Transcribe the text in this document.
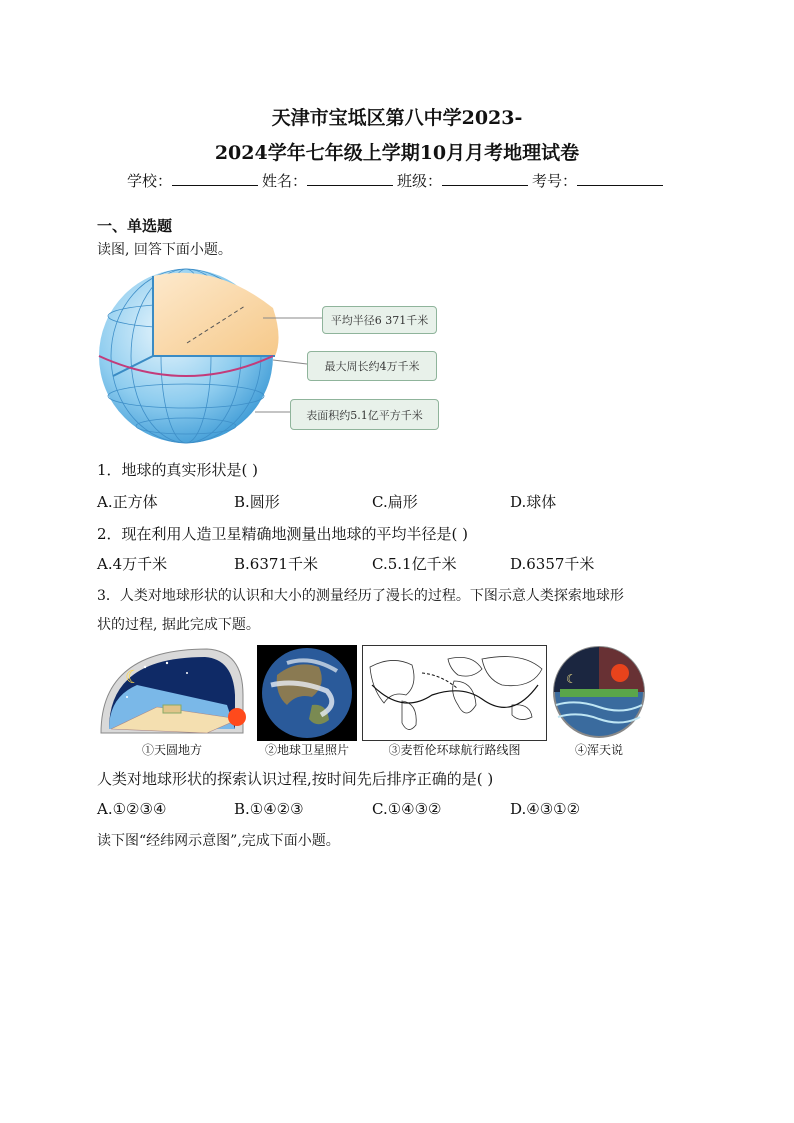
天津市宝坻区第八中学2023-
2024学年七年级上学期10月月考地理试卷
学校：	姓名：	班级：	考号：
一、单选题
读图, 回答下面小题。
平均半径6 371千米
最大周长约4万千米
表面积约5.1亿平方千米
1．地球的真实形状是( )
A.正方体	B.圆形	C.扁形	D.球体
2．现在利用人造卫星精确地测量出地球的平均半径是( )
A.4万千米	B.6371千米	C.5.1亿千米	D.6357千米
3．人类对地球形状的认识和大小的测量经历了漫长的过程。下图示意人类探索地球形
状的过程, 据此完成下题。
☾	☾
①天圆地方	②地球卫星照片	③麦哲伦环球航行路线图	④浑天说
人类对地球形状的探索认识过程,按时间先后排序正确的是( )
A.①②③④	B.①④②③	C.①④③②	D.④③①②
读下图“经纬网示意图”,完成下面小题。
